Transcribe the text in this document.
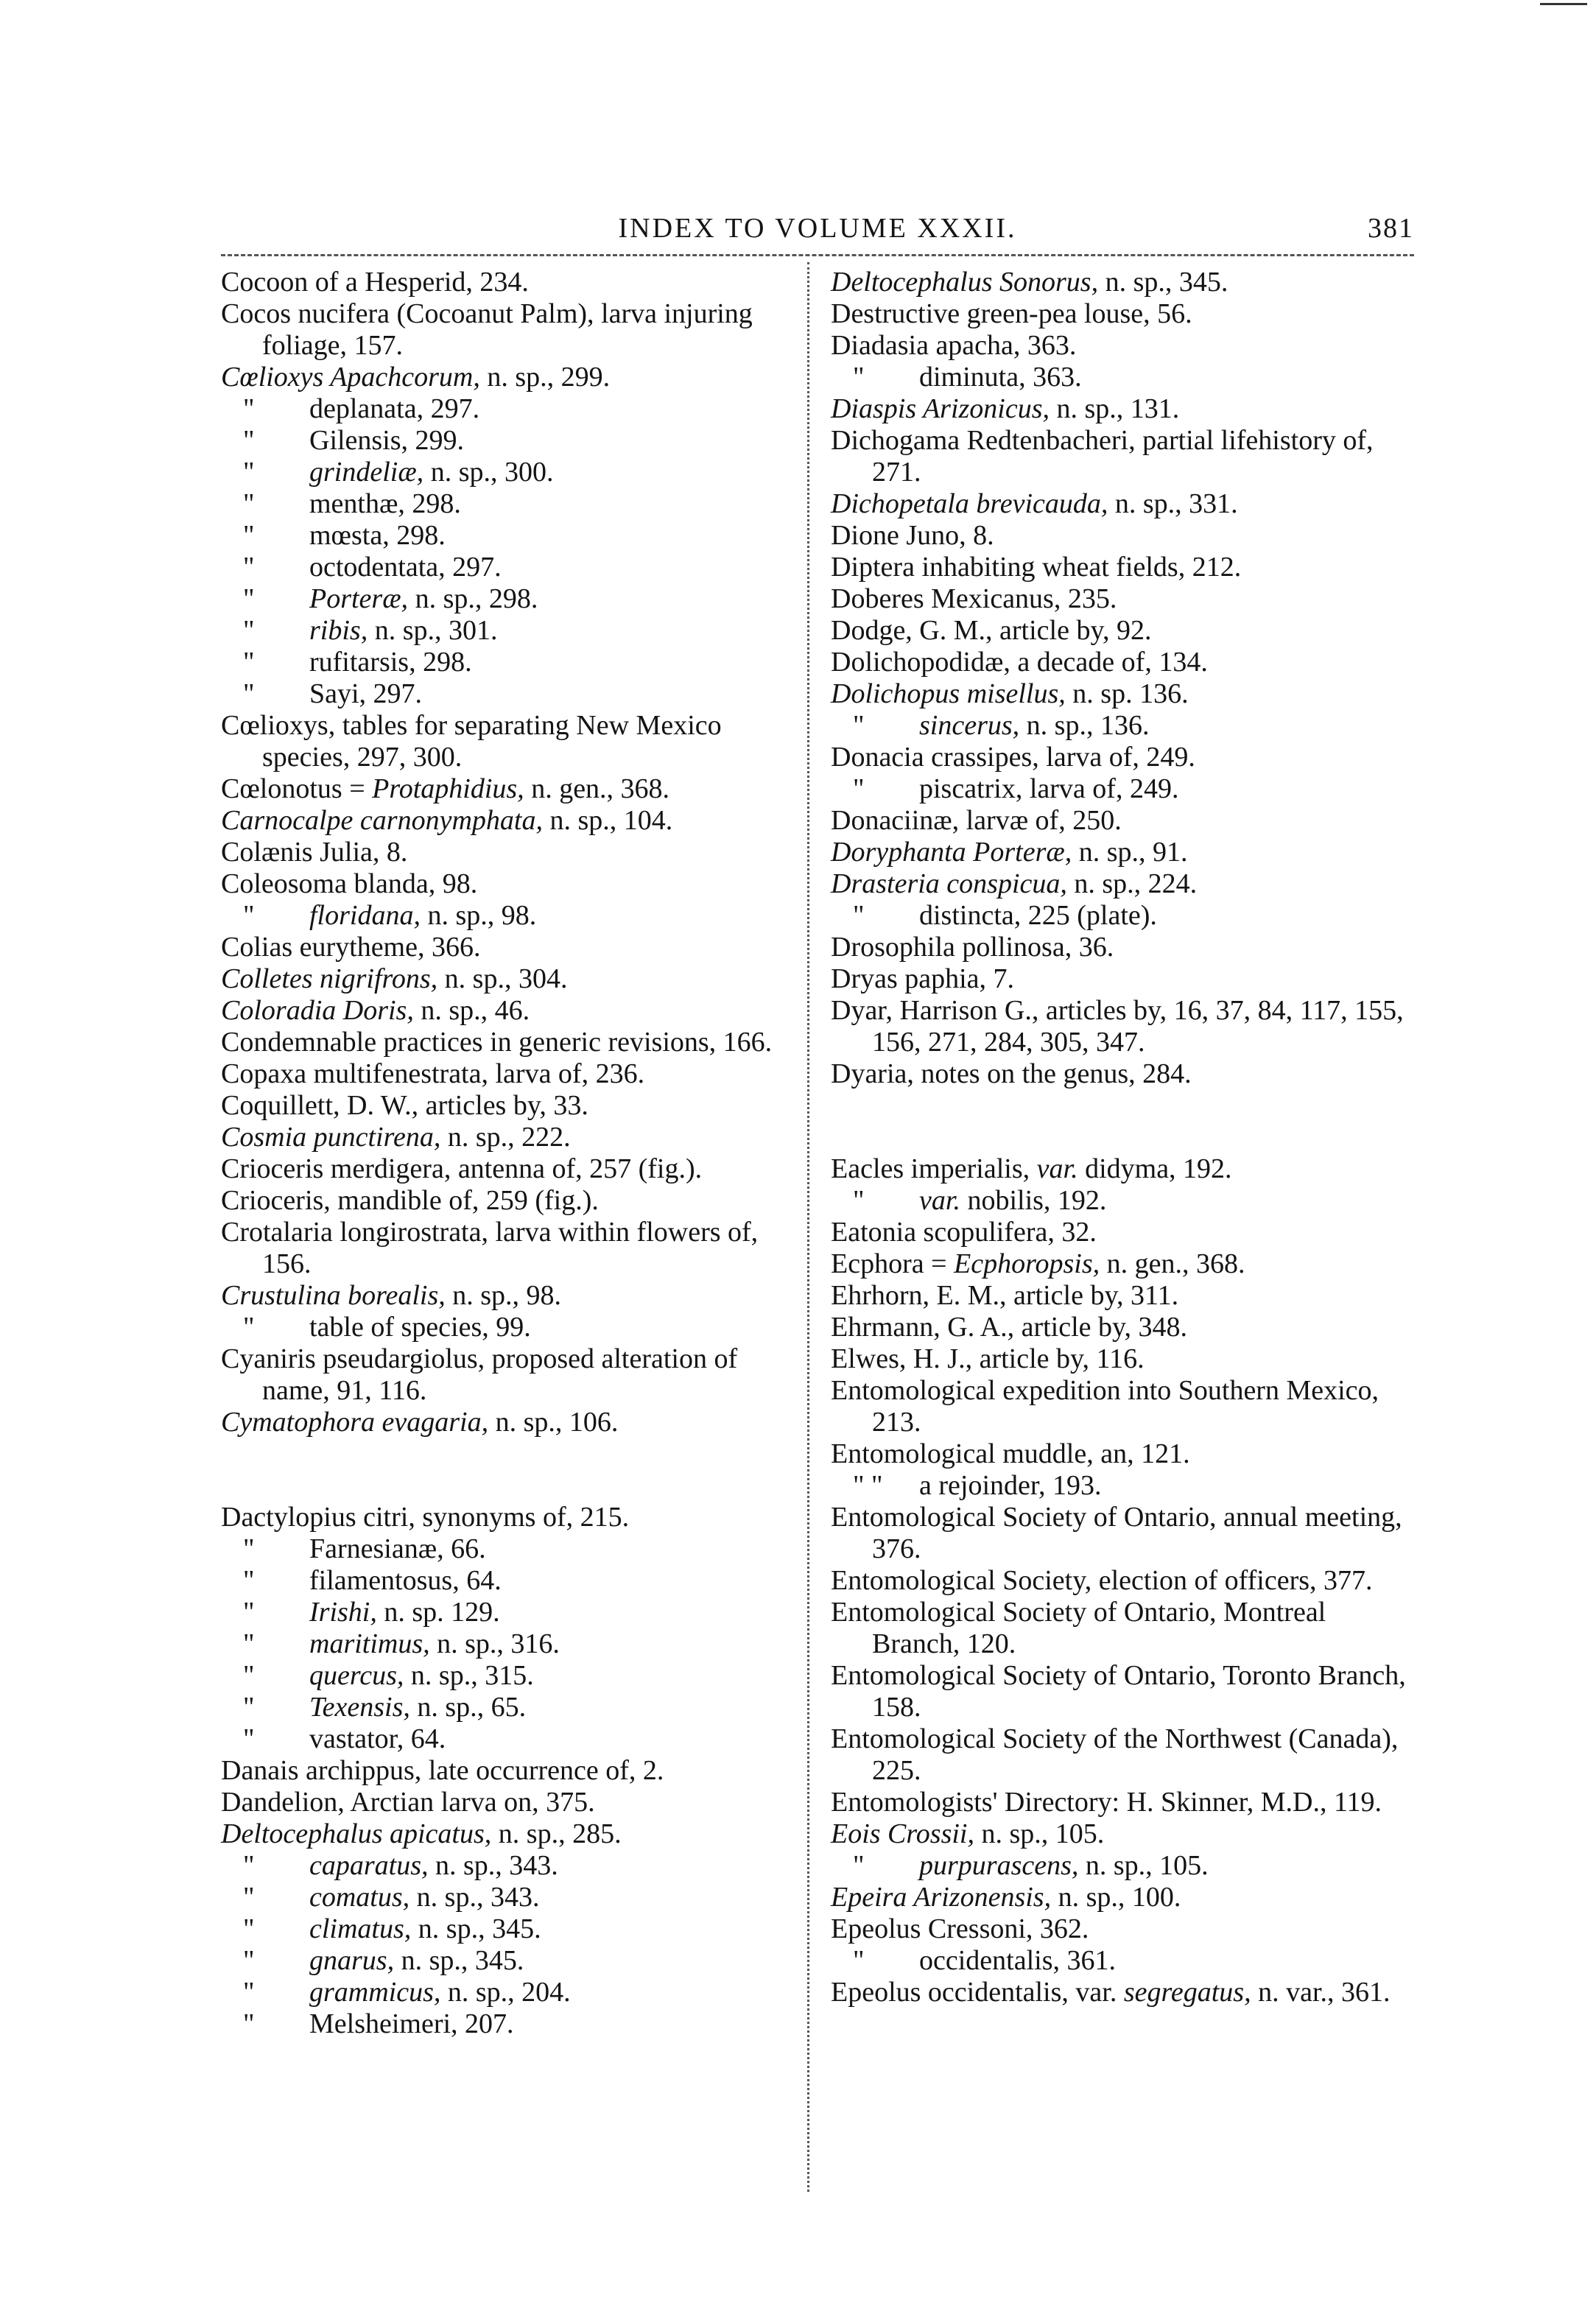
INDEX TO VOLUME XXXII.	381
Cocoon of a Hesperid, 234.
Cocos nucifera (Cocoanut Palm), larva injuring foliage, 157.
Cœlioxys Apachcorum, n. sp., 299.
" deplanata, 297.
" Gilensis, 299.
" grindeliæ, n. sp., 300.
" menthæ, 298.
" mœsta, 298.
" octodentata, 297.
" Porteræ, n. sp., 298.
" ribis, n. sp., 301.
" rufitarsis, 298.
" Sayi, 297.
Cœlioxys, tables for separating New Mexico species, 297, 300.
Cœlonotus = Protaphidius, n. gen., 368.
Carnocalpe carnonymphata, n. sp., 104.
Colænis Julia, 8.
Coleosoma blanda, 98.
" floridana, n. sp., 98.
Colias eurytheme, 366.
Colletes nigrifrons, n. sp., 304.
Coloradia Doris, n. sp., 46.
Condemnable practices in generic revisions, 166.
Copaxa multifenestrata, larva of, 236.
Coquillett, D. W., articles by, 33.
Cosmia punctirena, n. sp., 222.
Crioceris merdigera, antenna of, 257 (fig.).
Crioceris, mandible of, 259 (fig.).
Crotalaria longirostrata, larva within flowers of, 156.
Crustulina borealis, n. sp., 98.
" table of species, 99.
Cyaniris pseudargiolus, proposed alteration of name, 91, 116.
Cymatophora evagaria, n. sp., 106.
Dactylopius citri, synonyms of, 215.
" Farnesianæ, 66.
" filamentosus, 64.
" Irishi, n. sp. 129.
" maritimus, n. sp., 316.
" quercus, n. sp., 315.
" Texensis, n. sp., 65.
" vastator, 64.
Danais archippus, late occurrence of, 2.
Dandelion, Arctian larva on, 375.
Deltocephalus apicatus, n. sp., 285.
" caparatus, n. sp., 343.
" comatus, n. sp., 343.
" climatus, n. sp., 345.
" gnarus, n. sp., 345.
" grammicus, n. sp., 204.
" Melsheimeri, 207.
Deltocephalus Sonorus, n. sp., 345.
Destructive green-pea louse, 56.
Diadasia apacha, 363.
" diminuta, 363.
Diaspis Arizonicus, n. sp., 131.
Dichogama Redtenbacheri, partial lifehistory of, 271.
Dichopetala brevicauda, n. sp., 331.
Dione Juno, 8.
Diptera inhabiting wheat fields, 212.
Doberes Mexicanus, 235.
Dodge, G. M., article by, 92.
Dolichopodidæ, a decade of, 134.
Dolichopus misellus, n. sp. 136.
" sincerus, n. sp., 136.
Donacia crassipes, larva of, 249.
" piscatrix, larva of, 249.
Donaciinæ, larvæ of, 250.
Doryphanta Porteræ, n. sp., 91.
Drasteria conspicua, n. sp., 224.
" distincta, 225 (plate).
Drosophila pollinosa, 36.
Dryas paphia, 7.
Dyar, Harrison G., articles by, 16, 37, 84, 117, 155, 156, 271, 284, 305, 347.
Dyaria, notes on the genus, 284.
Eacles imperialis, var. didyma, 192.
" var. nobilis, 192.
Eatonia scopulifera, 32.
Ecphora = Ecphoropsis, n. gen., 368.
Ehrhorn, E. M., article by, 311.
Ehrmann, G. A., article by, 348.
Elwes, H. J., article by, 116.
Entomological expedition into Southern Mexico, 213.
Entomological muddle, an, 121.
" " a rejoinder, 193.
Entomological Society of Ontario, annual meeting, 376.
Entomological Society, election of officers, 377.
Entomological Society of Ontario, Montreal Branch, 120.
Entomological Society of Ontario, Toronto Branch, 158.
Entomological Society of the Northwest (Canada), 225.
Entomologists' Directory: H. Skinner, M.D., 119.
Eois Crossii, n. sp., 105.
" purpurascens, n. sp., 105.
Epeira Arizonensis, n. sp., 100.
Epeolus Cressoni, 362.
" occidentalis, 361.
Epeolus occidentalis, var. segregatus, n. var., 361.
